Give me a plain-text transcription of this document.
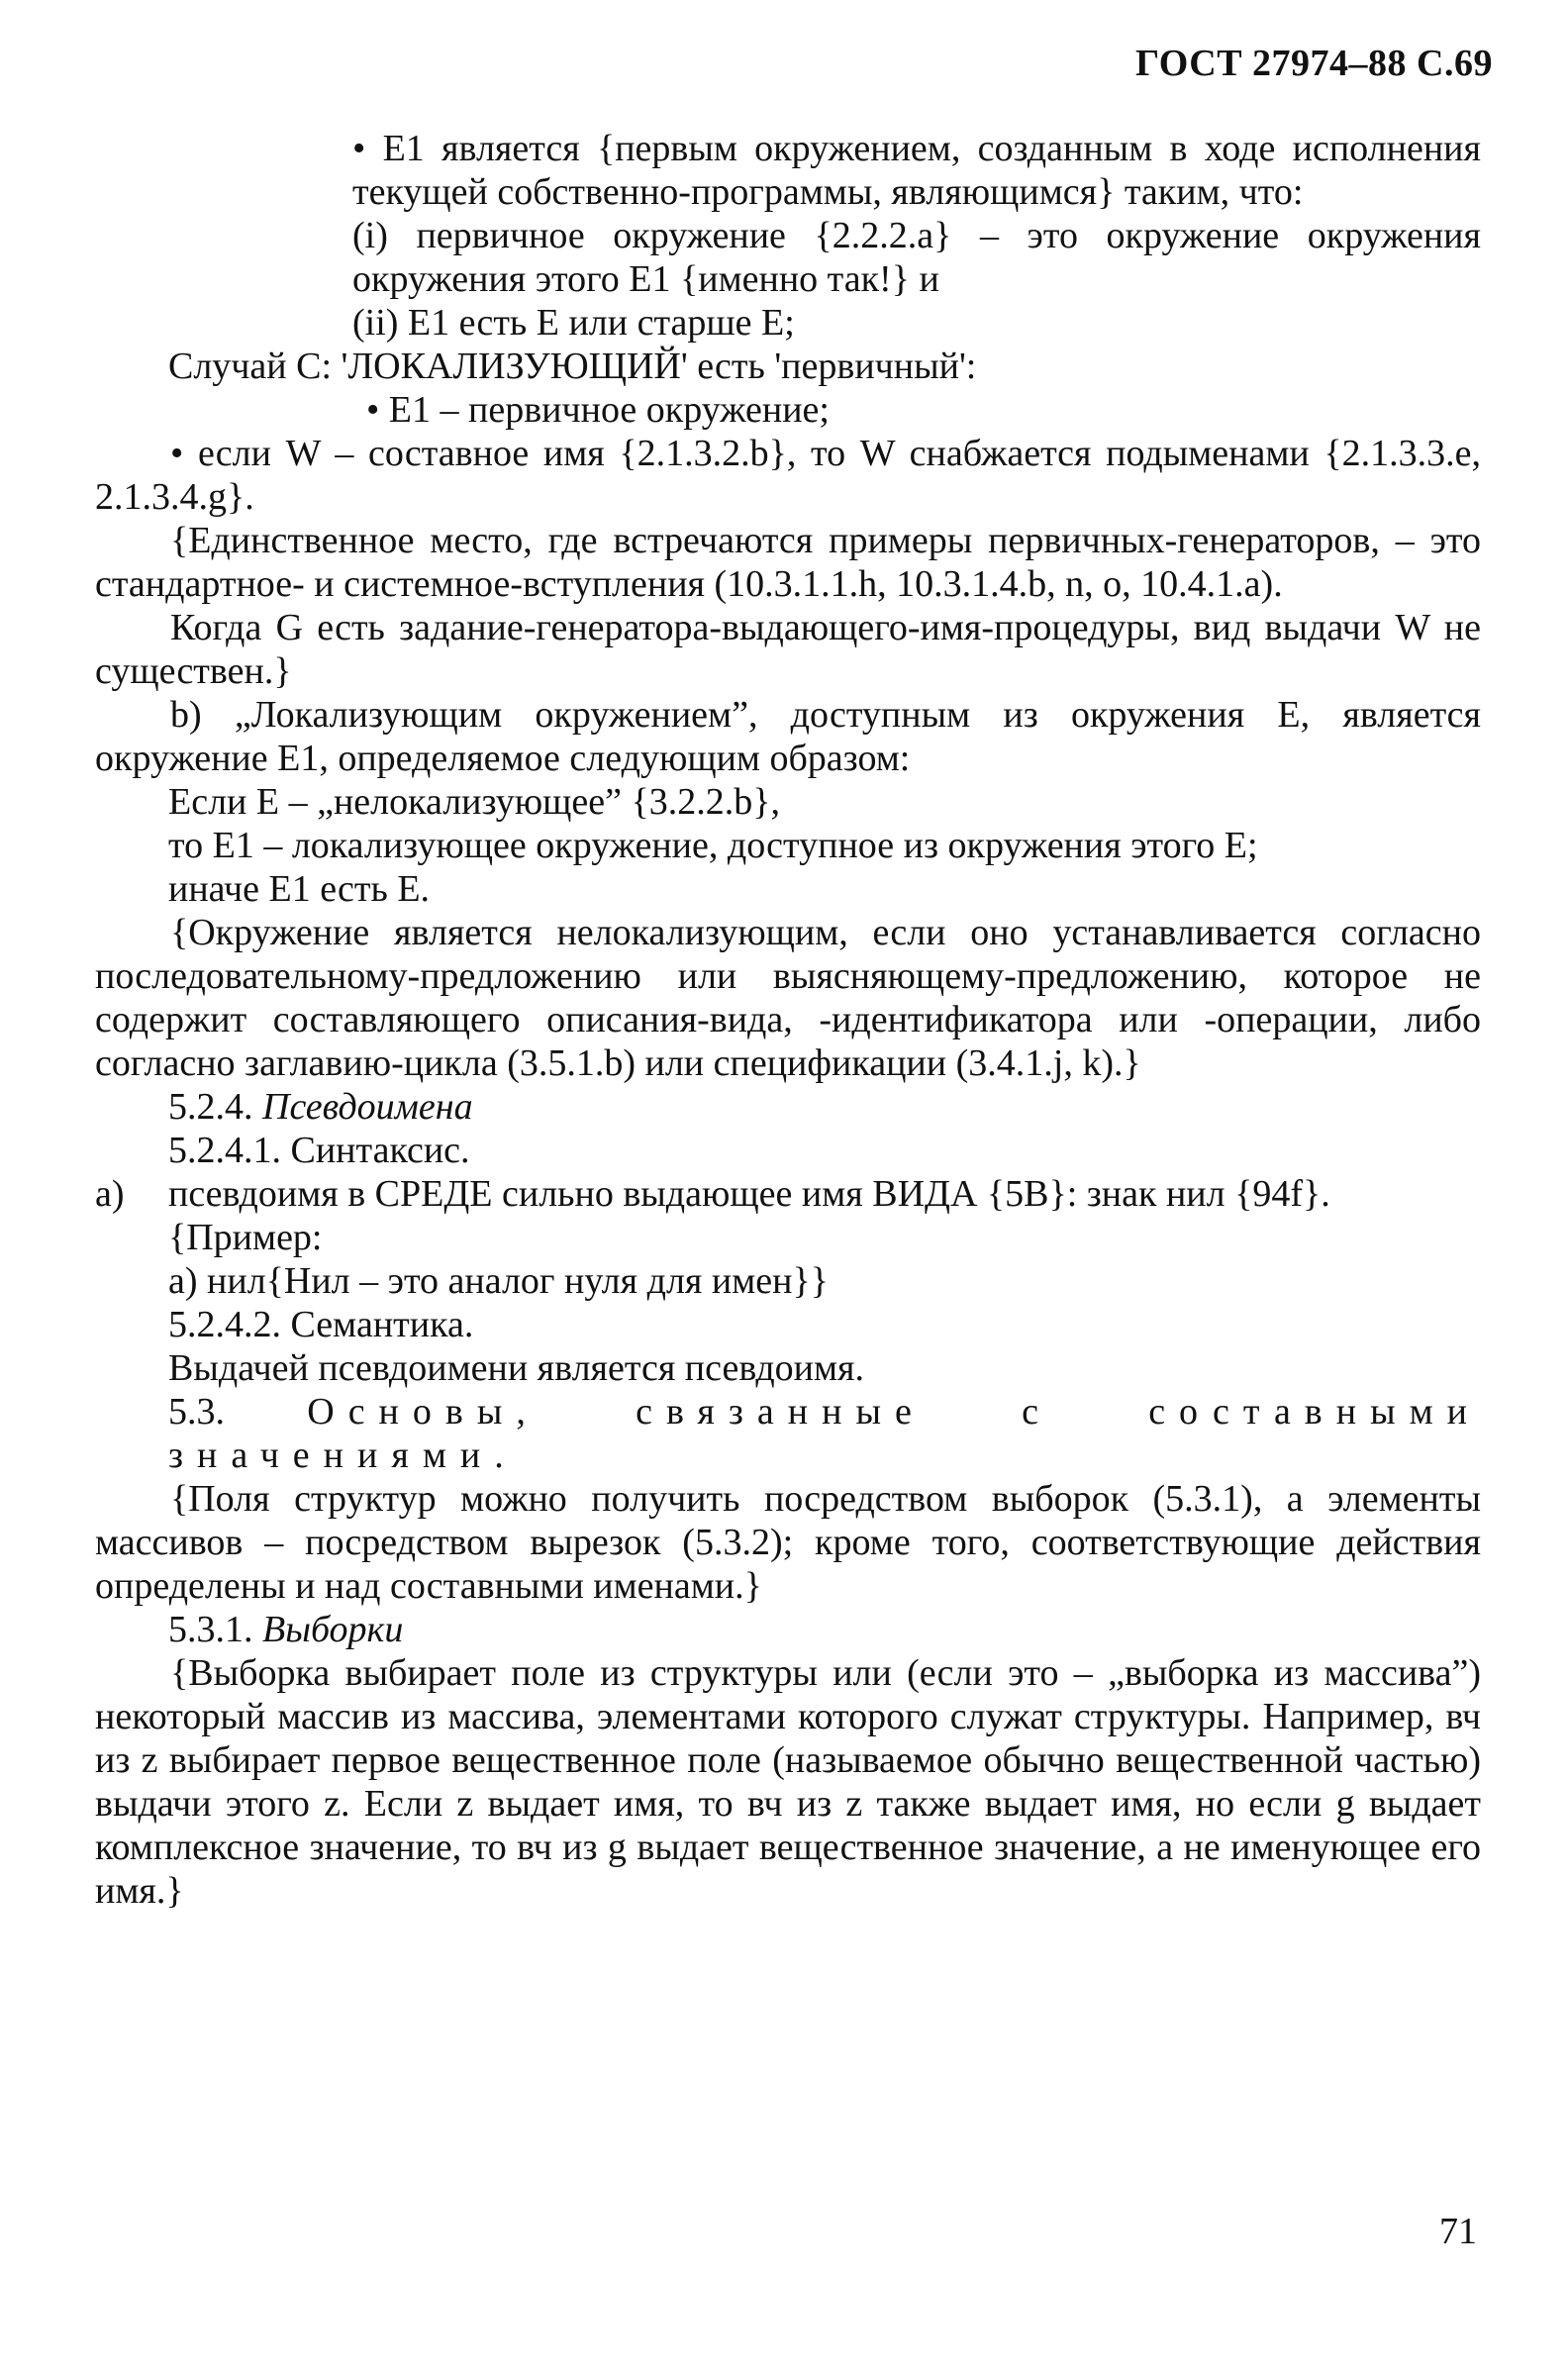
ГОСТ 27974–88 С.69

• E1 является {первым окружением, созданным в ходе исполнения текущей собственно-программы, являющимся} таким, что:

(i) первичное окружение {2.2.2.a} – это окружение окружения окружения этого E1 {именно так!} и

(ii) E1 есть E или старше E;

Случай C: 'ЛОКАЛИЗУЮЩИЙ' есть 'первичный':

• E1 – первичное окружение;

• если W – составное имя {2.1.3.2.b}, то W снабжается подыменами {2.1.3.3.e, 2.1.3.4.g}.

{Единственное место, где встречаются примеры первичных-генераторов, – это стандартное- и системное-вступления (10.3.1.1.h, 10.3.1.4.b, n, o, 10.4.1.a).

Когда G есть задание-генератора-выдающего-имя-процедуры, вид выдачи W не существен.}

b) „Локализующим окружением”, доступным из окружения E, является окружение E1, определяемое следующим образом:

Если E – „нелокализующее” {3.2.2.b},

то E1 – локализующее окружение, доступное из окружения этого E;

иначе E1 есть E.

{Окружение является нелокализующим, если оно устанавливается согласно последовательному-предложению или выясняющему-предложению, которое не содержит составляющего описания-вида, -идентификатора или -операции, либо согласно заглавию-цикла (3.5.1.b) или спецификации (3.4.1.j, k).}

5.2.4. Псевдоимена

5.2.4.1. Синтаксис.

a)	псевдоимя в СРЕДЕ сильно выдающее имя ВИДА {5B}: знак нил {94f}.

{Пример:

a) нил{Нил – это аналог нуля для имен}}

5.2.4.2. Семантика.

Выдачей псевдоимени является псевдоимя.

5.3. Основы, связанные с составными значениями.

{Поля структур можно получить посредством выборок (5.3.1), а элементы массивов – посредством вырезок (5.3.2); кроме того, соответствующие действия определены и над составными именами.}

5.3.1. Выборки

{Выборка выбирает поле из структуры или (если это – „выборка из массива”) некоторый массив из массива, элементами которого служат структуры. Например, вч из z выбирает первое вещественное поле (называемое обычно вещественной частью) выдачи этого z. Если z выдает имя, то вч из z также выдает имя, но если g выдает комплексное значение, то вч из g выдает вещественное значение, а не именующее его имя.}

71
